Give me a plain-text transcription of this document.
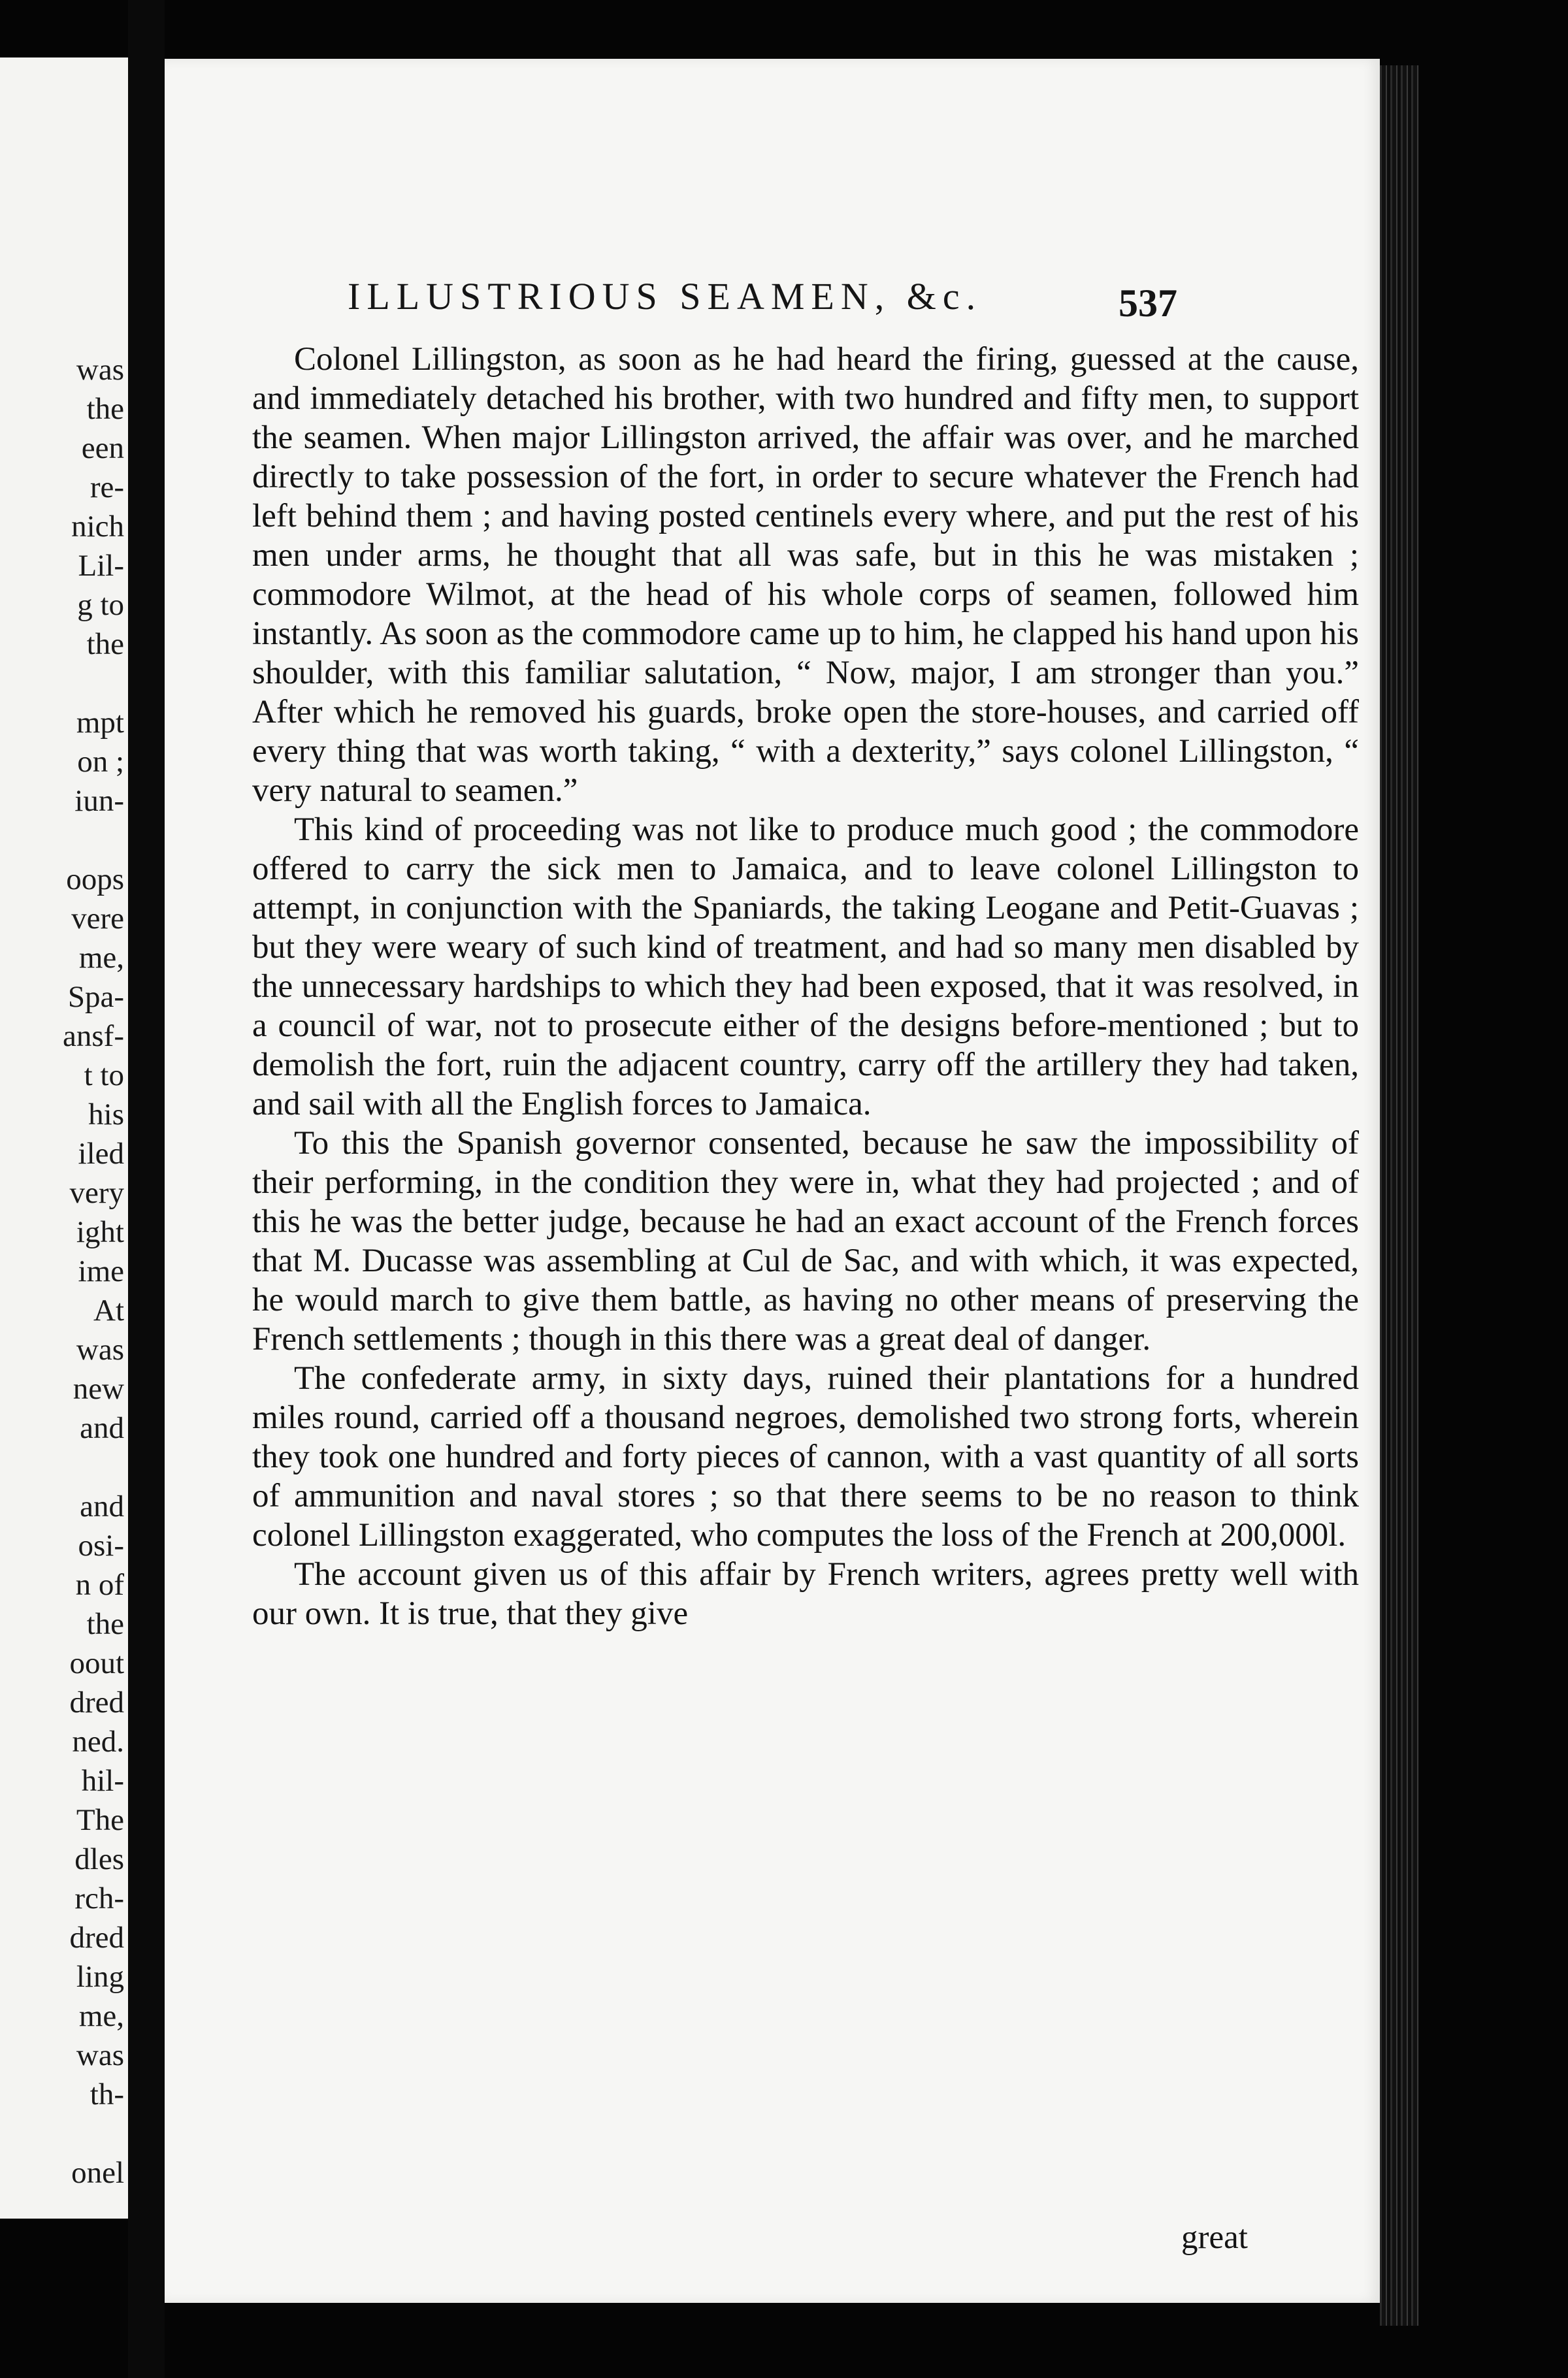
was
the
een
re-
nich
Lil-
g to
the

mpt
on ;
iun-

oops
vere
me,
Spa-
ansf-
t to
his
iled
very
ight
ime
At
was
new
and

and
osi-
n of
the
oout
dred
ned.
hil-
The
dles
rch-
dred
ling
me,
was
th-

onel
ILLUSTRIOUS SEAMEN, &c.	537

Colonel Lillingston, as soon as he had heard the firing, guessed at the cause, and immediately detached his brother, with two hundred and fifty men, to support the seamen. When major Lillingston arrived, the affair was over, and he marched directly to take possession of the fort, in order to secure whatever the French had left behind them ; and having posted centinels every where, and put the rest of his men under arms, he thought that all was safe, but in this he was mistaken ; commodore Wilmot, at the head of his whole corps of seamen, followed him instantly. As soon as the commodore came up to him, he clapped his hand upon his shoulder, with this familiar salutation, “ Now, major, I am stronger than you.” After which he removed his guards, broke open the store-houses, and carried off every thing that was worth taking, “ with a dexterity,” says colonel Lillingston, “ very natural to seamen.”

This kind of proceeding was not like to produce much good ; the commodore offered to carry the sick men to Jamaica, and to leave colonel Lillingston to attempt, in conjunction with the Spaniards, the taking Leogane and Petit-Guavas ; but they were weary of such kind of treatment, and had so many men disabled by the unnecessary hardships to which they had been exposed, that it was resolved, in a council of war, not to prosecute either of the designs before-mentioned ; but to demolish the fort, ruin the adjacent country, carry off the artillery they had taken, and sail with all the English forces to Jamaica.

To this the Spanish governor consented, because he saw the impossibility of their performing, in the condition they were in, what they had projected ; and of this he was the better judge, because he had an exact account of the French forces that M. Ducasse was assembling at Cul de Sac, and with which, it was expected, he would march to give them battle, as having no other means of preserving the French settlements ; though in this there was a great deal of danger.

The confederate army, in sixty days, ruined their plantations for a hundred miles round, carried off a thousand negroes, demolished two strong forts, wherein they took one hundred and forty pieces of cannon, with a vast quantity of all sorts of ammunition and naval stores ; so that there seems to be no reason to think colonel Lillingston exaggerated, who computes the loss of the French at 200,000l.

The account given us of this affair by French writers, agrees pretty well with our own. It is true, that they give

great
